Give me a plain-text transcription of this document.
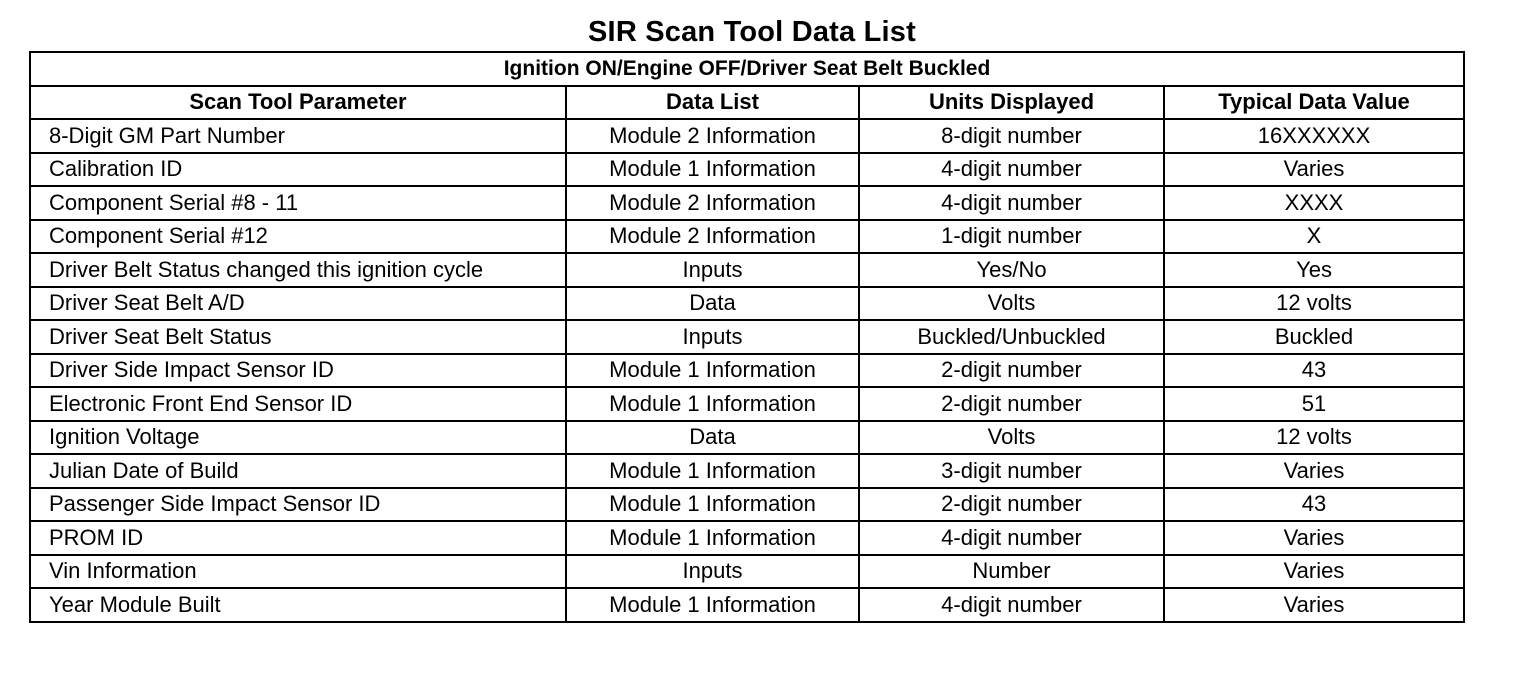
SIR Scan Tool Data List
Ignition ON/Engine OFF/Driver Seat Belt Buckled			
Scan Tool Parameter	Data List	Units Displayed	Typical Data Value
8-Digit GM Part Number	Module 2 Information	8-digit number	16XXXXXX
Calibration ID	Module 1 Information	4-digit number	Varies
Component Serial #8 - 11	Module 2 Information	4-digit number	XXXX
Component Serial #12	Module 2 Information	1-digit number	X
Driver Belt Status changed this ignition cycle	Inputs	Yes/No	Yes
Driver Seat Belt A/D	Data	Volts	12 volts
Driver Seat Belt Status	Inputs	Buckled/Unbuckled	Buckled
Driver Side Impact Sensor ID	Module 1 Information	2-digit number	43
Electronic Front End Sensor ID	Module 1 Information	2-digit number	51
Ignition Voltage	Data	Volts	12 volts
Julian Date of Build	Module 1 Information	3-digit number	Varies
Passenger Side Impact Sensor ID	Module 1 Information	2-digit number	43
PROM ID	Module 1 Information	4-digit number	Varies
Vin Information	Inputs	Number	Varies
Year Module Built	Module 1 Information	4-digit number	Varies
